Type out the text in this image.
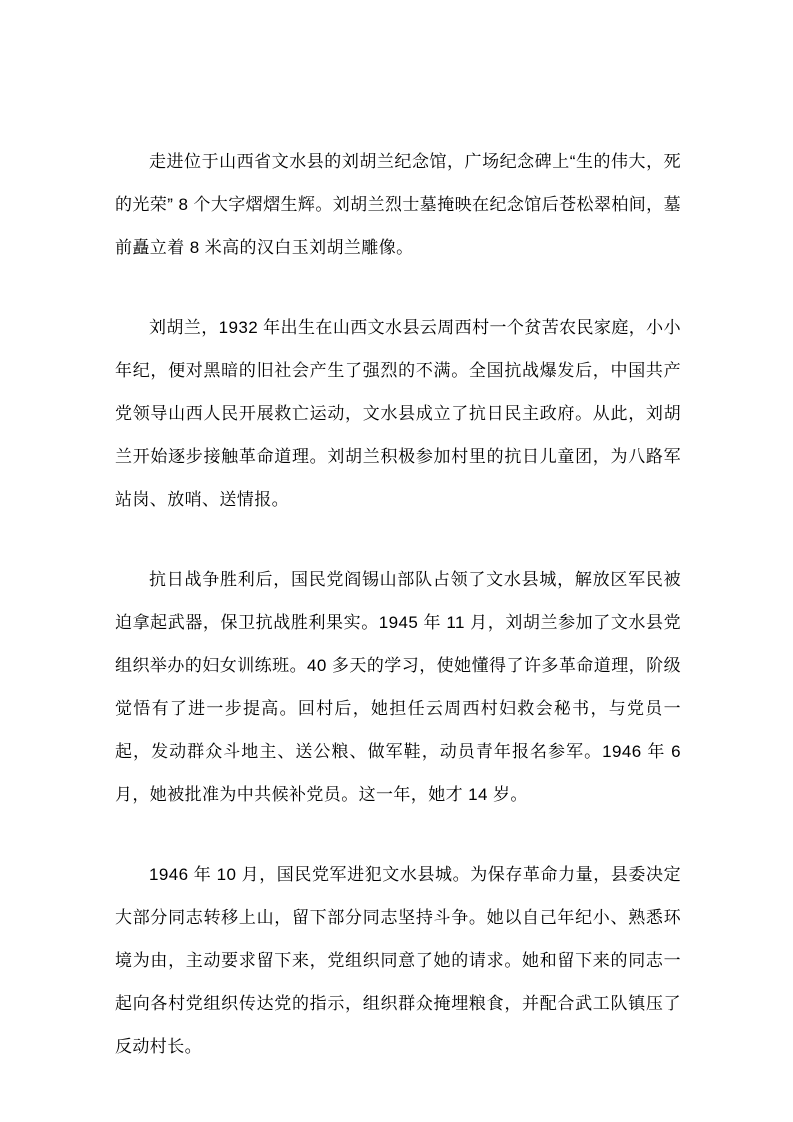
走进位于山西省文水县的刘胡兰纪念馆，广场纪念碑上“生的伟大，死的光荣” 8 个大字熠熠生辉。刘胡兰烈士墓掩映在纪念馆后苍松翠柏间，墓前矗立着 8 米高的汉白玉刘胡兰雕像。

刘胡兰，1932 年出生在山西文水县云周西村一个贫苦农民家庭，小小年纪，便对黑暗的旧社会产生了强烈的不满。全国抗战爆发后，中国共产党领导山西人民开展救亡运动，文水县成立了抗日民主政府。从此，刘胡兰开始逐步接触革命道理。刘胡兰积极参加村里的抗日儿童团，为八路军站岗、放哨、送情报。

抗日战争胜利后，国民党阎锡山部队占领了文水县城，解放区军民被迫拿起武器，保卫抗战胜利果实。1945 年 11 月，刘胡兰参加了文水县党组织举办的妇女训练班。40 多天的学习，使她懂得了许多革命道理，阶级觉悟有了进一步提高。回村后，她担任云周西村妇救会秘书，与党员一起，发动群众斗地主、送公粮、做军鞋，动员青年报名参军。1946 年 6 月，她被批准为中共候补党员。这一年，她才 14 岁。

1946 年 10 月，国民党军进犯文水县城。为保存革命力量，县委决定大部分同志转移上山，留下部分同志坚持斗争。她以自己年纪小、熟悉环境为由，主动要求留下来，党组织同意了她的请求。她和留下来的同志一起向各村党组织传达党的指示，组织群众掩埋粮食，并配合武工队镇压了反动村长。
